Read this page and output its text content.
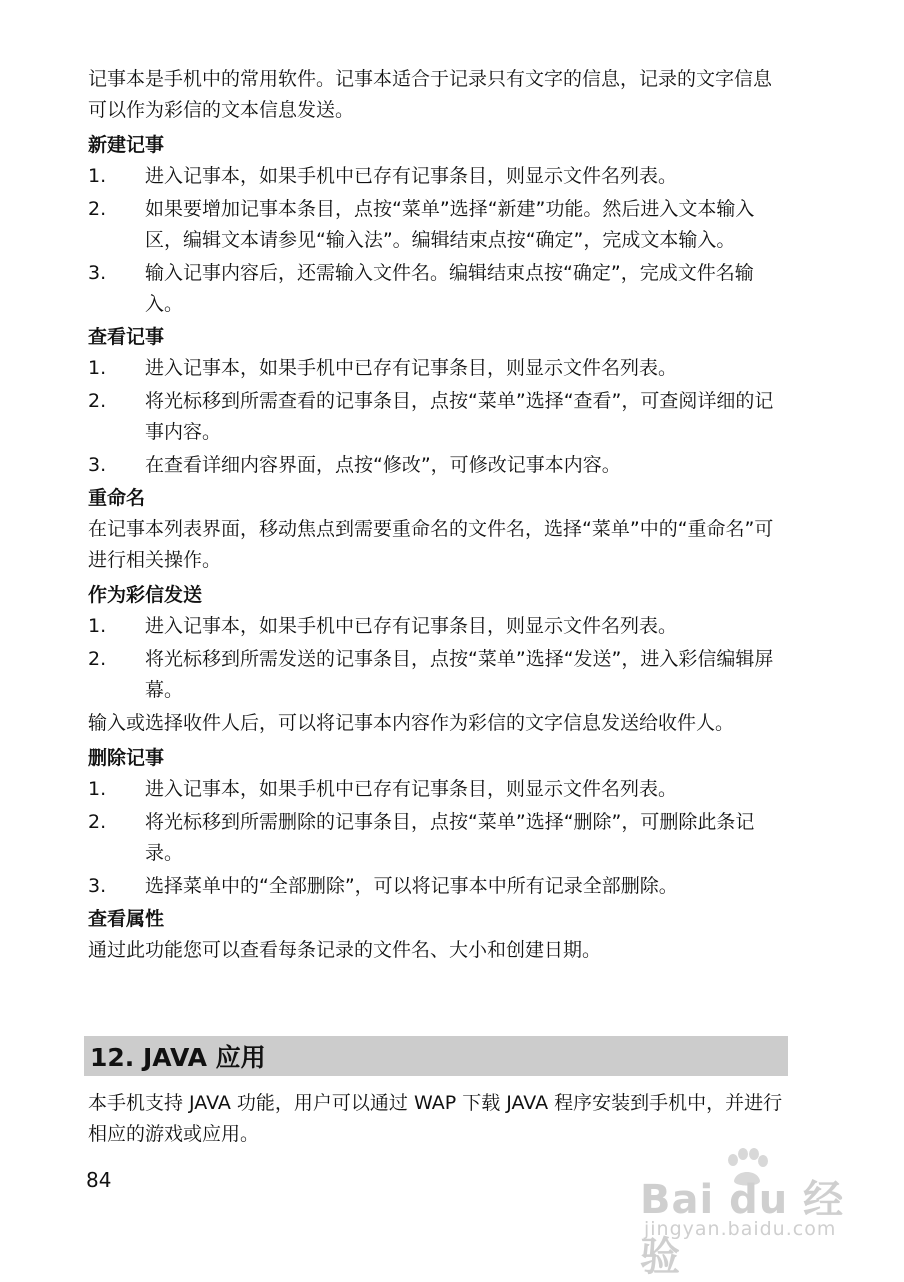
记事本是手机中的常用软件。记事本适合于记录只有文字的信息，记录的文字信息可以作为彩信的文本信息发送。

新建记事
1.	进入记事本，如果手机中已存有记事条目，则显示文件名列表。
2.	如果要增加记事本条目，点按“菜单”选择“新建”功能。然后进入文本输入区，编辑文本请参见“输入法”。编辑结束点按“确定”，完成文本输入。
3.	输入记事内容后，还需输入文件名。编辑结束点按“确定”，完成文件名输入。
查看记事
1.	进入记事本，如果手机中已存有记事条目，则显示文件名列表。
2.	将光标移到所需查看的记事条目，点按“菜单”选择“查看”，可查阅详细的记事内容。
3.	在查看详细内容界面，点按“修改”，可修改记事本内容。
重命名

在记事本列表界面，移动焦点到需要重命名的文件名，选择“菜单”中的“重命名”可进行相关操作。

作为彩信发送
1.	进入记事本，如果手机中已存有记事条目，则显示文件名列表。
2.	将光标移到所需发送的记事条目，点按“菜单”选择“发送”，进入彩信编辑屏幕。

输入或选择收件人后，可以将记事本内容作为彩信的文字信息发送给收件人。

删除记事
1.	进入记事本，如果手机中已存有记事条目，则显示文件名列表。
2.	将光标移到所需删除的记事条目，点按“菜单”选择“删除”，可删除此条记录。
3.	选择菜单中的“全部删除”，可以将记事本中所有记录全部删除。
查看属性

通过此功能您可以查看每条记录的文件名、大小和创建日期。

12. JAVA 应用

本手机支持 JAVA 功能，用户可以通过 WAP 下载 JAVA 程序安装到手机中，并进行相应的游戏或应用。

84	Bai du 经验
jingyan.baidu.com
